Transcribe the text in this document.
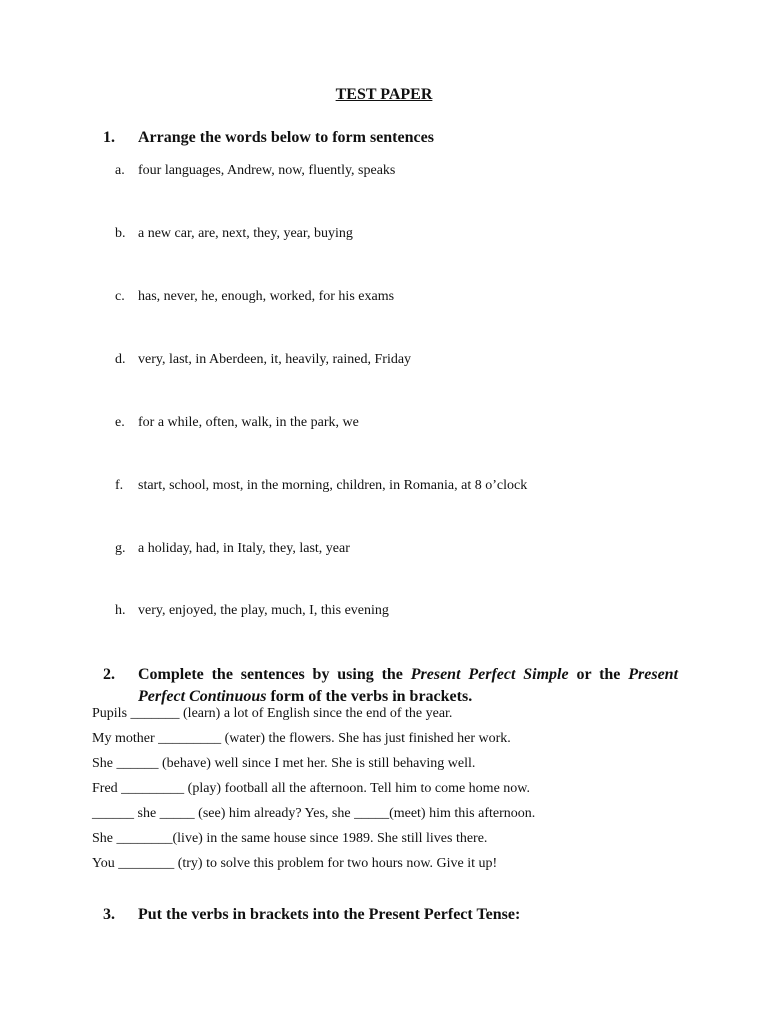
TEST PAPER
1. Arrange the words below to form sentences
a. four languages, Andrew, now, fluently, speaks
b. a new car, are, next, they, year, buying
c. has, never, he, enough, worked, for his exams
d. very, last, in Aberdeen, it, heavily, rained, Friday
e. for a while, often, walk, in the park, we
f. start, school, most, in the morning, children, in Romania, at 8 o’clock
g. a holiday, had, in Italy, they, last, year
h. very, enjoyed, the play, much, I, this evening
2. Complete the sentences by using the Present Perfect Simple or the Present Perfect Continuous form of the verbs in brackets.
Pupils _______ (learn) a lot of English since the end of the year.
My mother _________ (water) the flowers. She has just finished her work.
She ______ (behave) well since I met her. She is still behaving well.
Fred _________ (play) football all the afternoon. Tell him to come home now.
______ she _____ (see) him already? Yes, she _____(meet) him this afternoon.
She ________(live) in the same house since 1989. She still lives there.
You ________ (try) to solve this problem for two hours now. Give it up!
3. Put the verbs in brackets into the Present Perfect Tense:
